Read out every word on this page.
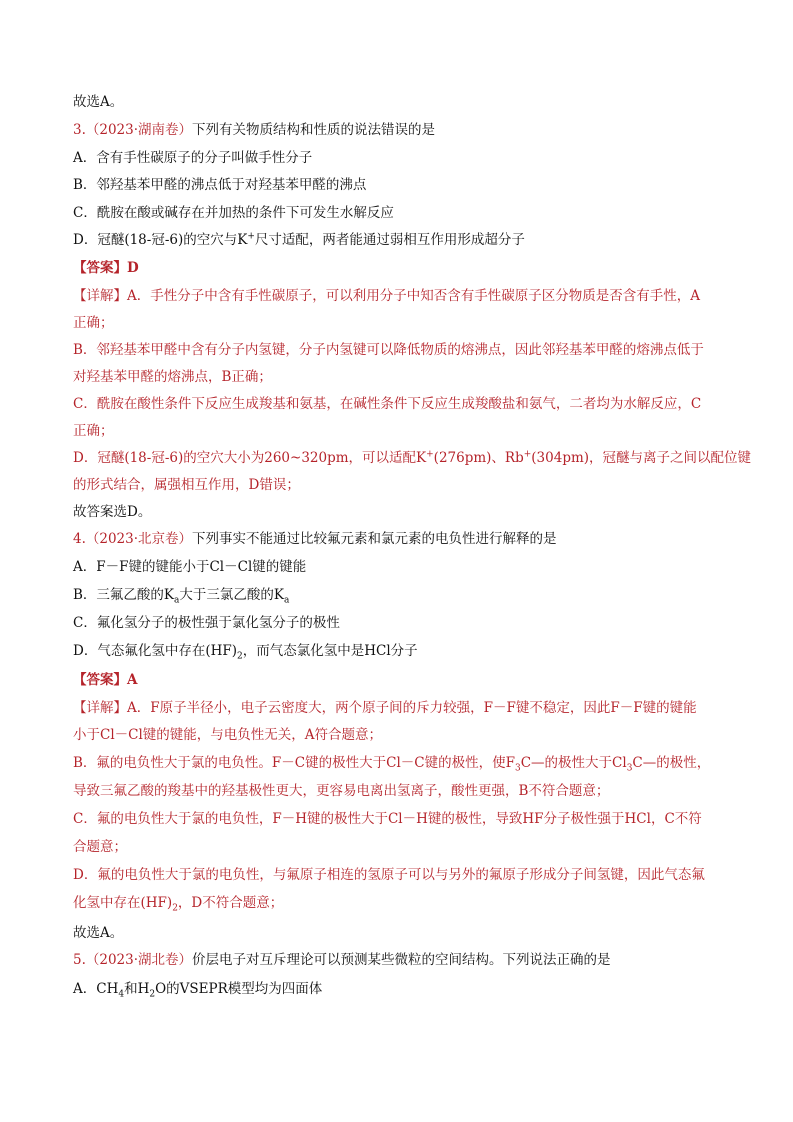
故选A。
3.（2023·湖南卷）下列有关物质结构和性质的说法错误的是
A．含有手性碳原子的分子叫做手性分子
B．邻羟基苯甲醛的沸点低于对羟基苯甲醛的沸点
C．酰胺在酸或碱存在并加热的条件下可发生水解反应
D．冠醚(18-冠-6)的空穴与K+尺寸适配，两者能通过弱相互作用形成超分子
【答案】D
【详解】A．手性分子中含有手性碳原子，可以利用分子中知否含有手性碳原子区分物质是否含有手性，A
正确；
B．邻羟基苯甲醛中含有分子内氢键，分子内氢键可以降低物质的熔沸点，因此邻羟基苯甲醛的熔沸点低于
对羟基苯甲醛的熔沸点，B正确；
C．酰胺在酸性条件下反应生成羧基和氨基，在碱性条件下反应生成羧酸盐和氨气，二者均为水解反应，C
正确；
D．冠醚(18-冠-6)的空穴大小为260~320pm，可以适配K+(276pm)、Rb+(304pm)，冠醚与离子之间以配位键
的形式结合，属强相互作用，D错误；
故答案选D。
4.（2023·北京卷）下列事实不能通过比较氟元素和氯元素的电负性进行解释的是
A．F－F键的键能小于Cl－Cl键的键能
B．三氟乙酸的$K_a$大于三氯乙酸的$K_a$
C．氟化氢分子的极性强于氯化氢分子的极性
D．气态氟化氢中存在$(HF)_2$，而气态氯化氢中是HCl分子
【答案】A
【详解】A．F原子半径小，电子云密度大，两个原子间的斥力较强，F－F键不稳定，因此F－F键的键能
小于Cl－Cl键的键能，与电负性无关，A符合题意；
B．氟的电负性大于氯的电负性。F－C键的极性大于Cl－C键的极性，使$F_3C—$的极性大于$Cl_3C—$的极性，
导致三氟乙酸的羧基中的羟基极性更大，更容易电离出氢离子，酸性更强，B不符合题意；
C．氟的电负性大于氯的电负性，F－H键的极性大于Cl－H键的极性，导致HF分子极性强于HCl，C不符
合题意；
D．氟的电负性大于氯的电负性，与氟原子相连的氢原子可以与另外的氟原子形成分子间氢键，因此气态氟
化氢中存在$(HF)_2$，D不符合题意；
故选A。
5.（2023·湖北卷）价层电子对互斥理论可以预测某些微粒的空间结构。下列说法正确的是
A．$CH_4$和$H_2O$的VSEPR模型均为四面体
